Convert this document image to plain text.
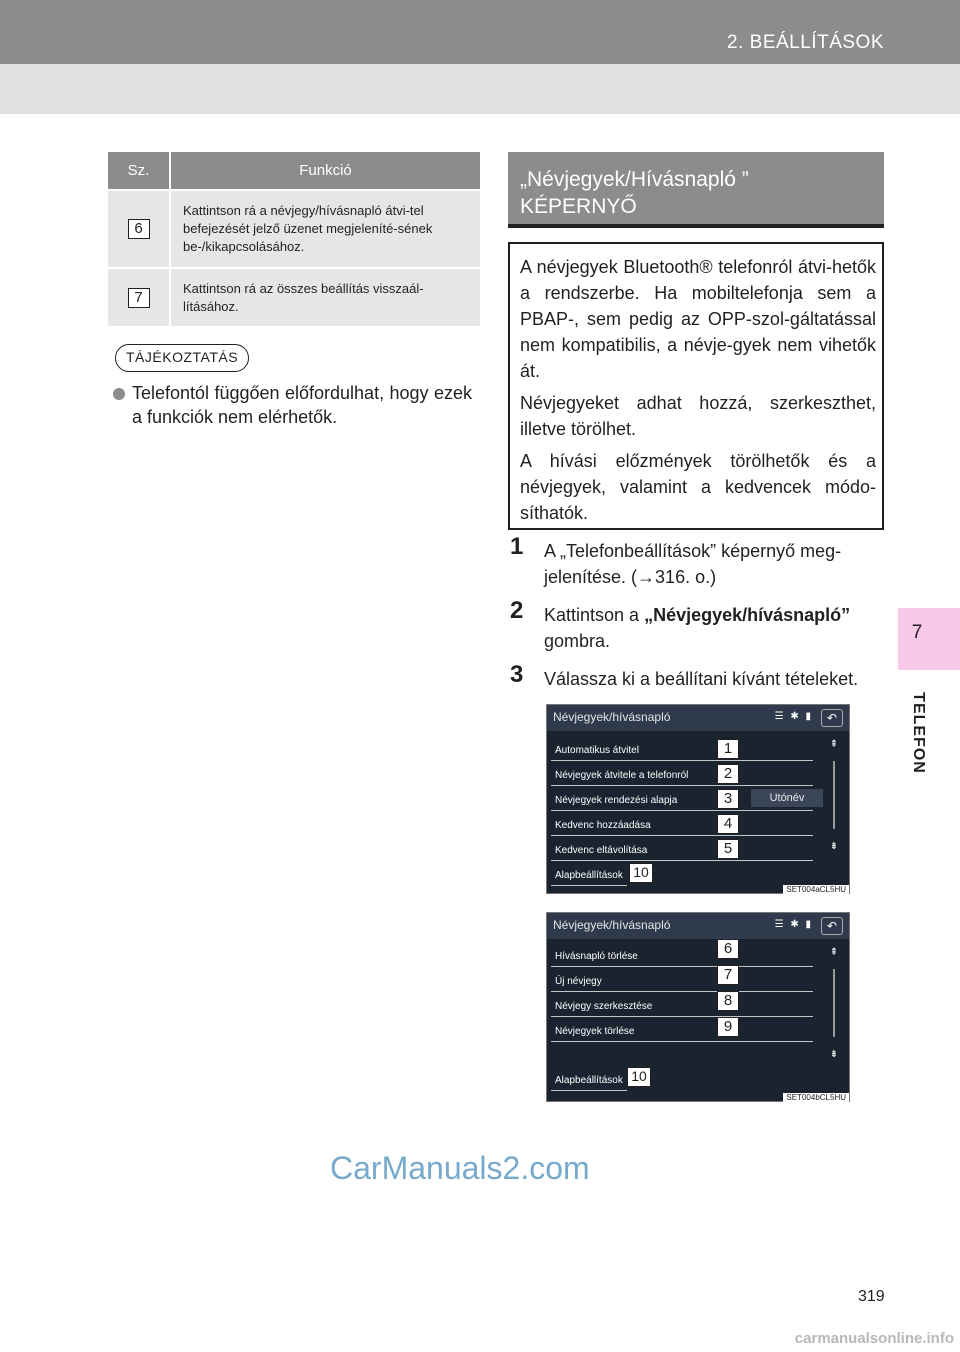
2. BEÁLLÍTÁSOK
7
TELEFON
Sz.	Funkció
6	Kattintson rá a névjegy/hívásnapló átvi-tel befejezését jelző üzenet megjeleníté-sének be-/kikapcsolásához.
7	Kattintson rá az összes beállítás visszaál-lításához.
TÁJÉKOZTATÁS
Telefontól függően előfordulhat, hogy ezek a funkciók nem elérhetők.
„Névjegyek/Hívásnapló ”
KÉPERNYŐ

A névjegyek Bluetooth® telefonról átvi-hetők a rendszerbe. Ha mobiltelefonja sem a PBAP-, sem pedig az OPP-szol-gáltatással nem kompatibilis, a névje-gyek nem vihetők át.

Névjegyeket adhat hozzá, szerkeszthet, illetve törölhet.

A hívási előzmények törölhetők és a névjegyek, valamint a kedvencek módo-síthatók.

1 A „Telefonbeállítások” képernyő meg-jelenítése. (→316. o.)
2 Kattintson a „Névjegyek/hívásnapló” gombra.
3 Válassza ki a beállítani kívánt tételeket.
Névjegyek/hívásnapló	☰ ✱ ▮	↶
Automatikus átvitel
Névjegyek átvitele a telefonról
Névjegyek rendezési alapja	Utónév
Kedvenc hozzáadása
Kedvenc eltávolítása
Alapbeállítások
⇞
⇟
1
2
3
4
5
10
SET004aCL5HU
Névjegyek/hívásnapló	☰ ✱ ▮	↶
Hívásnapló törlése
Új névjegy
Névjegy szerkesztése
Névjegyek törlése
Alapbeállítások
⇞
⇟
6
7
8
9
10
SET004bCL5HU
CarManuals2.com
319
carmanualsonline.info
